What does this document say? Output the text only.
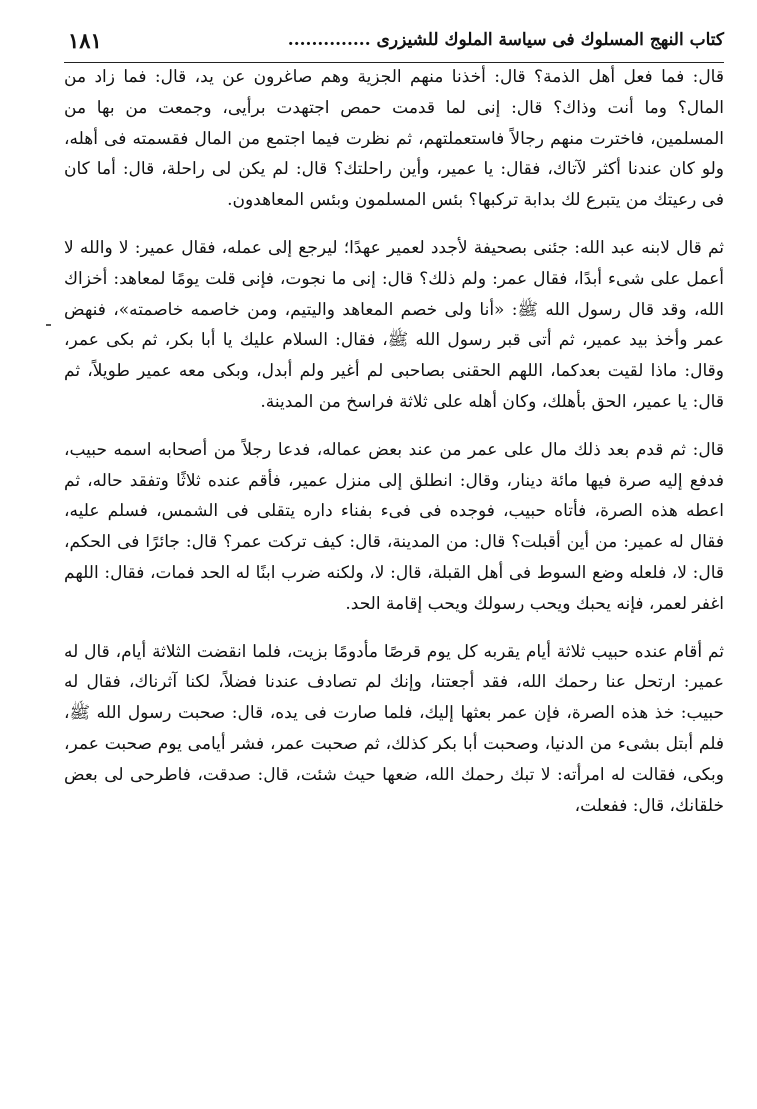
كتاب النهج المسلوك فى سياسة الملوك للشيزرى ..............
١٨١

قال: فما فعل أهل الذمة؟ قال: أخذنا منهم الجزية وهم صاغرون عن يد، قال: فما زاد من المال؟ وما أنت وذاك؟ قال: إنى لما قدمت حمص اجتهدت برأيى، وجمعت من بها من المسلمين، فاخترت منهم رجالاً فاستعملتهم، ثم نظرت فيما اجتمع من المال فقسمته فى أهله، ولو كان عندنا أكثر لآتاك، فقال: يا عمير، وأين راحلتك؟ قال: لم يكن لى راحلة، قال: أما كان فى رعيتك من يتبرع لك بدابة تركبها؟ بئس المسلمون وبئس المعاهدون.

ثم قال لابنه عبد الله: جئنى بصحيفة لأجدد لعمير عهدًا؛ ليرجع إلى عمله، فقال عمير: لا والله لا أعمل على شىء أبدًا، فقال عمر: ولم ذلك؟ قال: إنى ما نجوت، فإنى قلت يومًا لمعاهد: أخزاك الله، وقد قال رسول الله ﷺ: «أنا ولى خصم المعاهد واليتيم، ومن خاصمه خاصمته»، فنهض عمر وأخذ بيد عمير، ثم أتى قبر رسول الله ﷺ، فقال: السلام عليك يا أبا بكر، ثم بكى عمر، وقال: ماذا لقيت بعدكما، اللهم الحقنى بصاحبى لم أغير ولم أبدل، وبكى معه عمير طويلاً، ثم قال: يا عمير، الحق بأهلك، وكان أهله على ثلاثة فراسخ من المدينة.

قال: ثم قدم بعد ذلك مال على عمر من عند بعض عماله، فدعا رجلاً من أصحابه اسمه حبيب، فدفع إليه صرة فيها مائة دينار، وقال: انطلق إلى منزل عمير، فأقم عنده ثلاثًا وتفقد حاله، ثم اعطه هذه الصرة، فأتاه حبيب، فوجده فى فىء بفناء داره يتقلى فى الشمس، فسلم عليه، فقال له عمير: من أين أقبلت؟ قال: من المدينة، قال: كيف تركت عمر؟ قال: جائرًا فى الحكم، قال: لا، فلعله وضع السوط فى أهل القبلة، قال: لا، ولكنه ضرب ابنًا له الحد فمات، فقال: اللهم اغفر لعمر، فإنه يحبك ويحب رسولك ويحب إقامة الحد.

ثم أقام عنده حبيب ثلاثة أيام يقربه كل يوم قرصًا مأدومًا بزيت، فلما انقضت الثلاثة أيام، قال له عمير: ارتحل عنا رحمك الله، فقد أجعتنا، وإنك لم تصادف عندنا فضلاً، لكنا آثرناك، فقال له حبيب: خذ هذه الصرة، فإن عمر بعثها إليك، فلما صارت فى يده، قال: صحبت رسول الله ﷺ، فلم أبتل بشىء من الدنيا، وصحبت أبا بكر كذلك، ثم صحبت عمر، فشر أيامى يوم صحبت عمر، وبكى، فقالت له امرأته: لا تبك رحمك الله، ضعها حيث شئت، قال: صدقت، فاطرحى لى بعض خلقانك، قال: ففعلت،
